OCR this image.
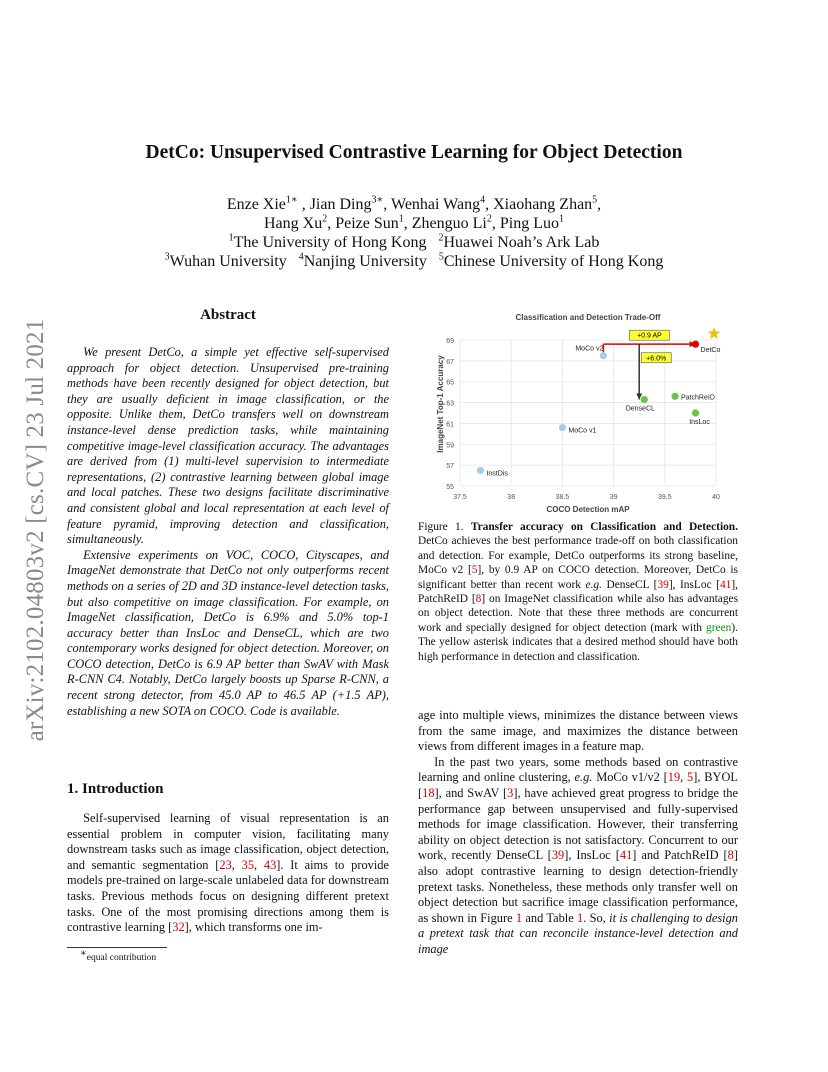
arXiv:2102.04803v2 [cs.CV] 23 Jul 2021
DetCo: Unsupervised Contrastive Learning for Object Detection
Enze Xie$^{1∗}$ , Jian Ding$^{3∗}$, Wenhai Wang$^4$, Xiaohang Zhan$^5$,
Hang Xu$^2$, Peize Sun$^1$, Zhenguo Li$^2$, Ping Luo$^1$
$^1$The University of Hong Kong $^2$Huawei Noah’s Ark Lab
$^3$Wuhan University $^4$Nanjing University $^5$Chinese University of Hong Kong
Abstract

We present DetCo, a simple yet effective self-supervised approach for object detection. Unsupervised pre-training methods have been recently designed for object detection, but they are usually deficient in image classification, or the opposite. Unlike them, DetCo transfers well on downstream instance-level dense prediction tasks, while maintaining competitive image-level classification accuracy. The advantages are derived from (1) multi-level supervision to intermediate representations, (2) contrastive learning between global image and local patches. These two designs facilitate discriminative and consistent global and local representation at each level of feature pyramid, improving detection and classification, simultaneously.

Extensive experiments on VOC, COCO, Cityscapes, and ImageNet demonstrate that DetCo not only outperforms recent methods on a series of 2D and 3D instance-level detection tasks, but also competitive on image classification. For example, on ImageNet classification, DetCo is 6.9% and 5.0% top-1 accuracy better than InsLoc and DenseCL, which are two contemporary works designed for object detection. Moreover, on COCO detection, DetCo is 6.9 AP better than SwAV with Mask R-CNN C4. Notably, DetCo largely boosts up Sparse R-CNN, a recent strong detector, from 45.0 AP to 46.5 AP (+1.5 AP), establishing a new SOTA on COCO. Code is available.

1. Introduction

Self-supervised learning of visual representation is an essential problem in computer vision, facilitating many downstream tasks such as image classification, object detection, and semantic segmentation [23, 35, 43]. It aims to provide models pre-trained on large-scale unlabeled data for downstream tasks. Previous methods focus on designing different pretext tasks. One of the most promising directions among them is contrastive learning [32], which transforms one im-

∗equal contribution
Classification and Detection Trade-Off
ImageNet Top-1 Accuracy
COCO Detection mAP
55
57
59
61
63
65
67
69
37.5	38	38.5	39	39.5	40
+0.9 AP
+6.0%
InstDis
MoCo v1
MoCo v2
DenseCL
PatchReID
InsLoc
DetCo

Figure 1. Transfer accuracy on Classification and Detection. DetCo achieves the best performance trade-off on both classification and detection. For example, DetCo outperforms its strong baseline, MoCo v2 [5], by 0.9 AP on COCO detection. Moreover, DetCo is significant better than recent work e.g. DenseCL [39], InsLoc [41], PatchReID [8] on ImageNet classification while also has advantages on object detection. Note that these three methods are concurrent work and specially designed for object detection (mark with green). The yellow asterisk indicates that a desired method should have both high performance in detection and classification.

age into multiple views, minimizes the distance between views from the same image, and maximizes the distance between views from different images in a feature map.

In the past two years, some methods based on contrastive learning and online clustering, e.g. MoCo v1/v2 [19, 5], BYOL [18], and SwAV [3], have achieved great progress to bridge the performance gap between unsupervised and fully-supervised methods for image classification. However, their transferring ability on object detection is not satisfactory. Concurrent to our work, recently DenseCL [39], InsLoc [41] and PatchReID [8] also adopt contrastive learning to design detection-friendly pretext tasks. Nonetheless, these methods only transfer well on object detection but sacrifice image classification performance, as shown in Figure 1 and Table 1. So, it is challenging to design a pretext task that can reconcile instance-level detection and image
